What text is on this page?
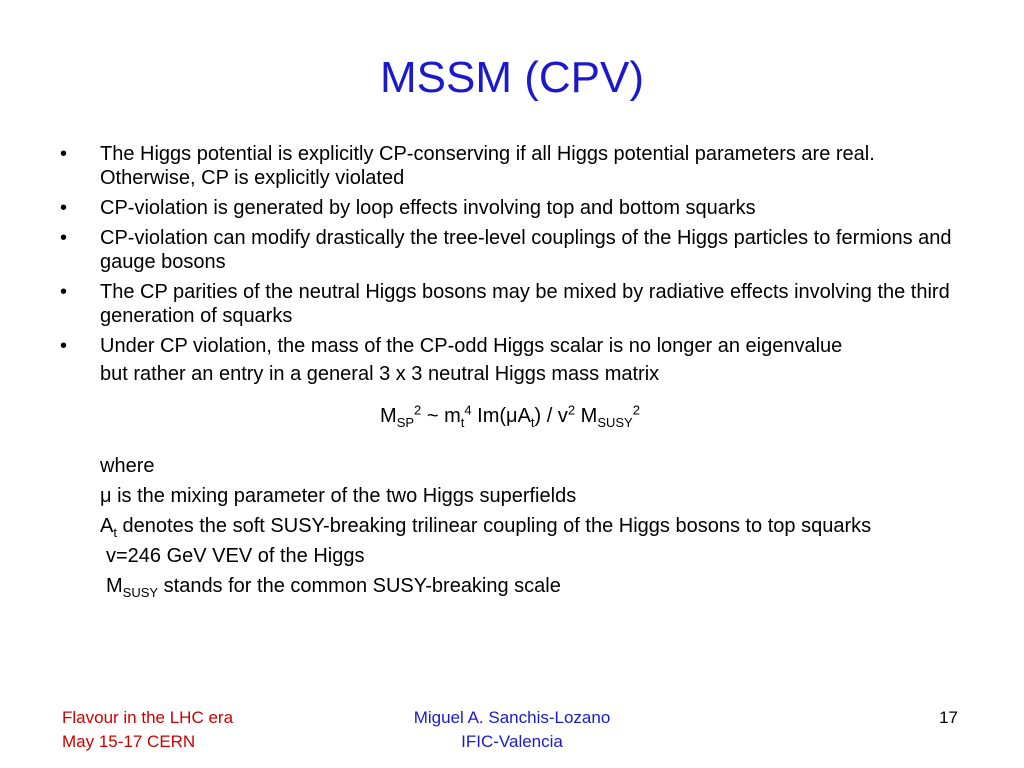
MSSM (CPV)
• The Higgs potential is explicitly CP-conserving if all Higgs potential parameters are real. Otherwise, CP is explicitly violated
• CP-violation is generated by loop effects involving top and bottom squarks
• CP-violation can modify drastically the tree-level couplings of the Higgs particles to fermions and gauge bosons
• The CP parities of the neutral Higgs bosons may be mixed by radiative effects involving the third generation of squarks
• Under CP violation, the mass of the CP-odd Higgs scalar is no longer an eigenvalue
but rather an entry in a general 3 x 3 neutral Higgs mass matrix
$M_{SP}^2$ ~ $m_t^4$ $Im(\mu A_t) / v^2$ $M_{SUSY}^2$
where
μ is the mixing parameter of the two Higgs superfields
$A_t$ denotes the soft SUSY-breaking trilinear coupling of the Higgs bosons to top squarks
v=246 GeV VEV of the Higgs
$M_{SUSY}$ stands for the common SUSY-breaking scale
Flavour in the LHC era
May 15-17 CERN
Miguel A. Sanchis-Lozano
IFIC-Valencia
17
